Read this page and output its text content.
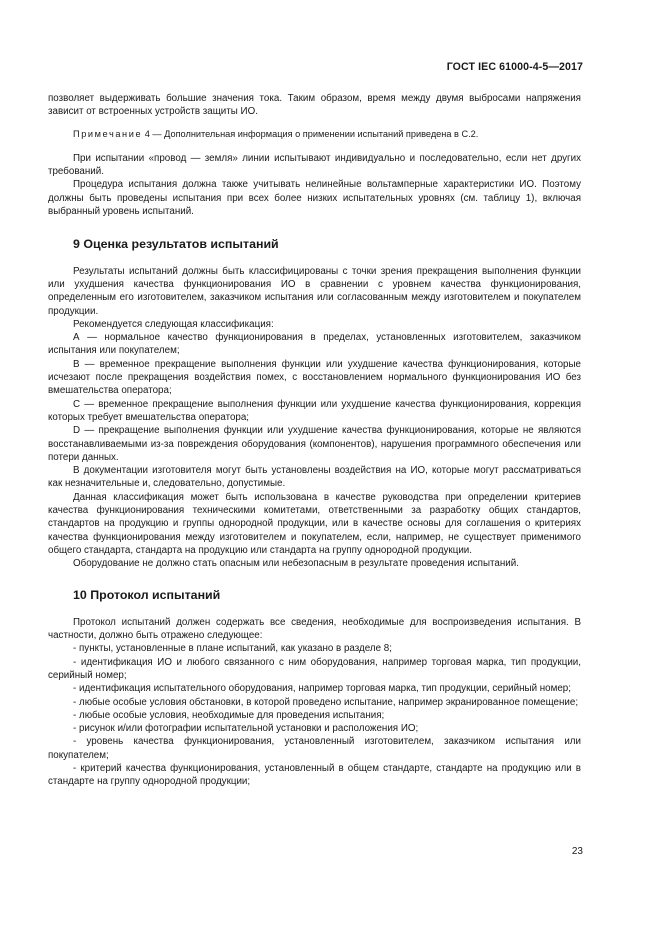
ГОСТ IEC 61000-4-5—2017

позволяет выдерживать большие значения тока. Таким образом, время между двумя выбросами напряжения зависит от встроенных устройств защиты ИО.

Примечание 4 — Дополнительная информация о применении испытаний приведена в С.2.

При испытании «провод — земля» линии испытывают индивидуально и последовательно, если нет других требований.

Процедура испытания должна также учитывать нелинейные вольтамперные характеристики ИО. Поэтому должны быть проведены испытания при всех более низких испытательных уровнях (см. таблицу 1), включая выбранный уровень испытаний.

9 Оценка результатов испытаний

Результаты испытаний должны быть классифицированы с точки зрения прекращения выполнения функции или ухудшения качества функционирования ИО в сравнении с уровнем качества функционирования, определенным его изготовителем, заказчиком испытания или согласованным между изготовителем и покупателем продукции.

Рекомендуется следующая классификация:

А — нормальное качество функционирования в пределах, установленных изготовителем, заказчиком испытания или покупателем;

В — временное прекращение выполнения функции или ухудшение качества функционирования, которые исчезают после прекращения воздействия помех, с восстановлением нормального функционирования ИО без вмешательства оператора;

С — временное прекращение выполнения функции или ухудшение качества функционирования, коррекция которых требует вмешательства оператора;

D — прекращение выполнения функции или ухудшение качества функционирования, которые не являются восстанавливаемыми из-за повреждения оборудования (компонентов), нарушения программного обеспечения или потери данных.

В документации изготовителя могут быть установлены воздействия на ИО, которые могут рассматриваться как незначительные и, следовательно, допустимые.

Данная классификация может быть использована в качестве руководства при определении критериев качества функционирования техническими комитетами, ответственными за разработку общих стандартов, стандартов на продукцию и группы однородной продукции, или в качестве основы для соглашения о критериях качества функционирования между изготовителем и покупателем, если, например, не существует применимого общего стандарта, стандарта на продукцию или стандарта на группу однородной продукции.

Оборудование не должно стать опасным или небезопасным в результате проведения испытаний.

10 Протокол испытаний

Протокол испытаний должен содержать все сведения, необходимые для воспроизведения испытания. В частности, должно быть отражено следующее:

- пункты, установленные в плане испытаний, как указано в разделе 8;

- идентификация ИО и любого связанного с ним оборудования, например торговая марка, тип продукции, серийный номер;

- идентификация испытательного оборудования, например торговая марка, тип продукции, серийный номер;

- любые особые условия обстановки, в которой проведено испытание, например экранированное помещение;

- любые особые условия, необходимые для проведения испытания;

- рисунок и/или фотографии испытательной установки и расположения ИО;

- уровень качества функционирования, установленный изготовителем, заказчиком испытания или покупателем;

- критерий качества функционирования, установленный в общем стандарте, стандарте на продукцию или в стандарте на группу однородной продукции;

23
